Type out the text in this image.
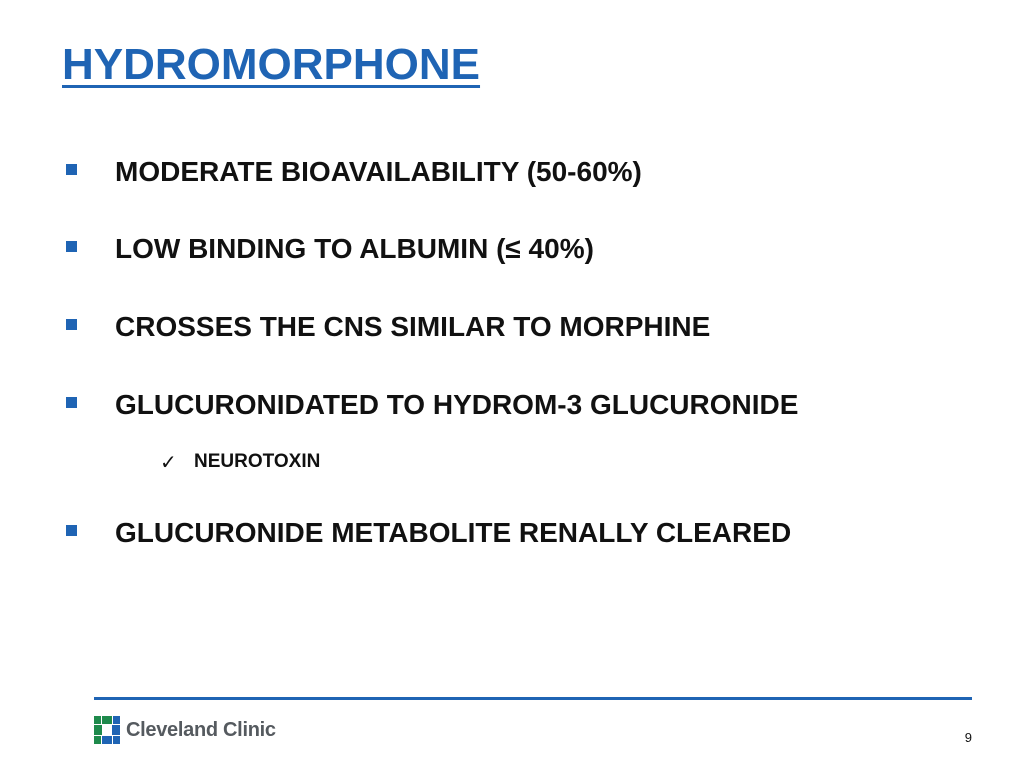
HYDROMORPHONE
MODERATE BIOAVAILABILITY (50-60%)
LOW BINDING TO ALBUMIN (≤ 40%)
CROSSES THE CNS SIMILAR TO MORPHINE
GLUCURONIDATED TO HYDROM-3 GLUCURONIDE
✓ NEUROTOXIN
GLUCURONIDE METABOLITE RENALLY CLEARED
Cleveland Clinic	9
